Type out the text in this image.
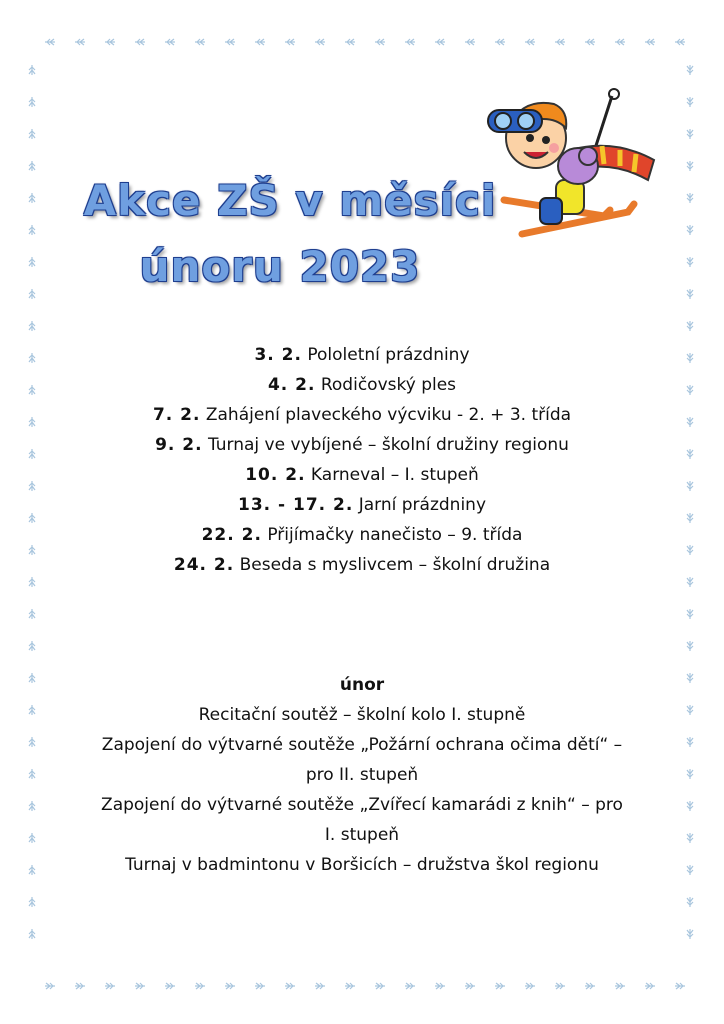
Akce ZŠ v měsíci
únoru 2023
3. 2. Pololetní prázdniny
4. 2. Rodičovský ples
7. 2. Zahájení plaveckého výcviku - 2. + 3. třída
9. 2. Turnaj ve vybíjené – školní družiny regionu
10. 2. Karneval – I. stupeň
13. - 17. 2. Jarní prázdniny
22. 2. Přijímačky nanečisto – 9. třída
24. 2. Beseda s myslivcem – školní družina
únor
Recitační soutěž – školní kolo I. stupně
Zapojení do výtvarné soutěže „Požární ochrana očima dětí“ –
pro II. stupeň
Zapojení do výtvarné soutěže „Zvířecí kamarádi z knih“ – pro
I. stupeň
Turnaj v badmintonu v Boršicích – družstva škol regionu
